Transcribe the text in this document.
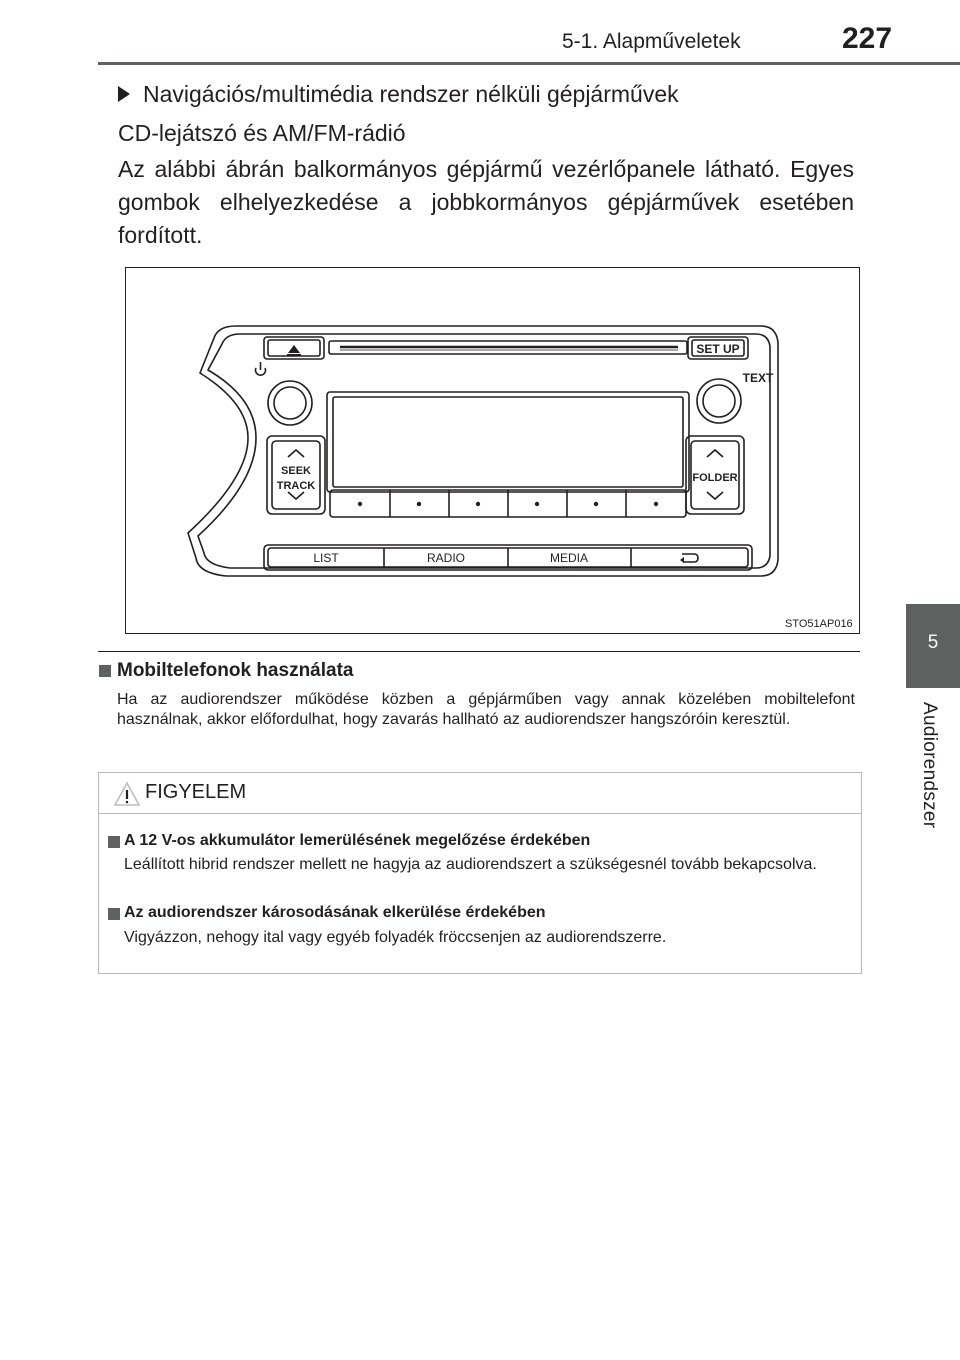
5-1. Alapműveletek	227
5
Audiorendszer
Navigációs/multimédia rendszer nélküli gépjárművek
CD-lejátszó és AM/FM-rádió
Az alábbi ábrán balkormányos gépjármű vezérlőpanele látható. Egyes gombok elhelyezkedése a jobbkormányos gépjárművek esetében fordított.
SET UP
TEXT
SEEK
TRACK
FOLDER
LIST	RADIO	MEDIA
STO51AP016
Mobiltelefonok használata
Ha az audiorendszer működése közben a gépjárműben vagy annak közelében mobiltelefont használnak, akkor előfordulhat, hogy zavarás hallható az audiorendszer hangszóróin keresztül.
FIGYELEM
A 12 V-os akkumulátor lemerülésének megelőzése érdekében
Leállított hibrid rendszer mellett ne hagyja az audiorendszert a szükségesnél tovább bekapcsolva.
Az audiorendszer károsodásának elkerülése érdekében
Vigyázzon, nehogy ital vagy egyéb folyadék fröccsenjen az audiorendszerre.
